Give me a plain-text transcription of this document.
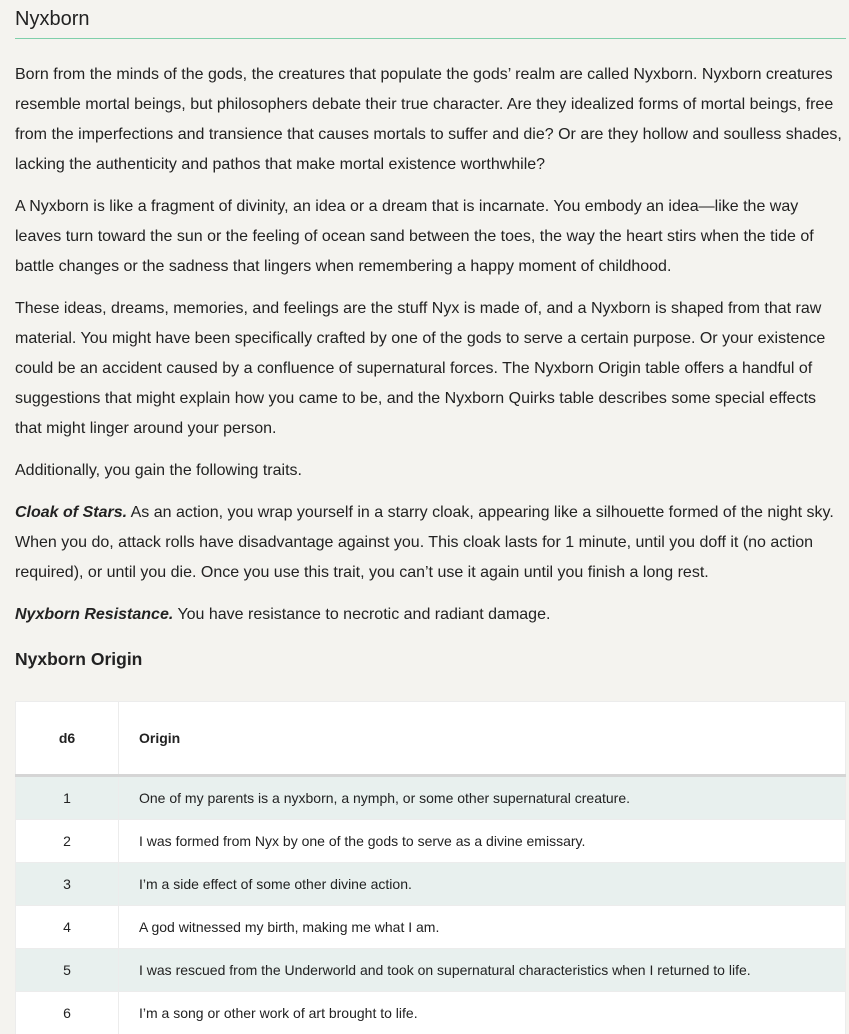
Nyxborn

Born from the minds of the gods, the creatures that populate the gods’ realm are called Nyxborn. Nyxborn creatures resemble mortal beings, but philosophers debate their true character. Are they idealized forms of mortal beings, free from the imperfections and transience that causes mortals to suffer and die? Or are they hollow and soulless shades, lacking the authenticity and pathos that make mortal existence worthwhile?

A Nyxborn is like a fragment of divinity, an idea or a dream that is incarnate. You embody an idea—like the way leaves turn toward the sun or the feeling of ocean sand between the toes, the way the heart stirs when the tide of battle changes or the sadness that lingers when remembering a happy moment of childhood.

These ideas, dreams, memories, and feelings are the stuff Nyx is made of, and a Nyxborn is shaped from that raw material. You might have been specifically crafted by one of the gods to serve a certain purpose. Or your existence could be an accident caused by a confluence of supernatural forces. The Nyxborn Origin table offers a handful of suggestions that might explain how you came to be, and the Nyxborn Quirks table describes some special effects that might linger around your person.

Additionally, you gain the following traits.

Cloak of Stars. As an action, you wrap yourself in a starry cloak, appearing like a silhouette formed of the night sky. When you do, attack rolls have disadvantage against you. This cloak lasts for 1 minute, until you doff it (no action required), or until you die. Once you use this trait, you can’t use it again until you finish a long rest.

Nyxborn Resistance. You have resistance to necrotic and radiant damage.

Nyxborn Origin
d6	Origin
1	One of my parents is a nyxborn, a nymph, or some other supernatural creature.
2	I was formed from Nyx by one of the gods to serve as a divine emissary.
3	I’m a side effect of some other divine action.
4	A god witnessed my birth, making me what I am.
5	I was rescued from the Underworld and took on supernatural characteristics when I returned to life.
6	I’m a song or other work of art brought to life.
